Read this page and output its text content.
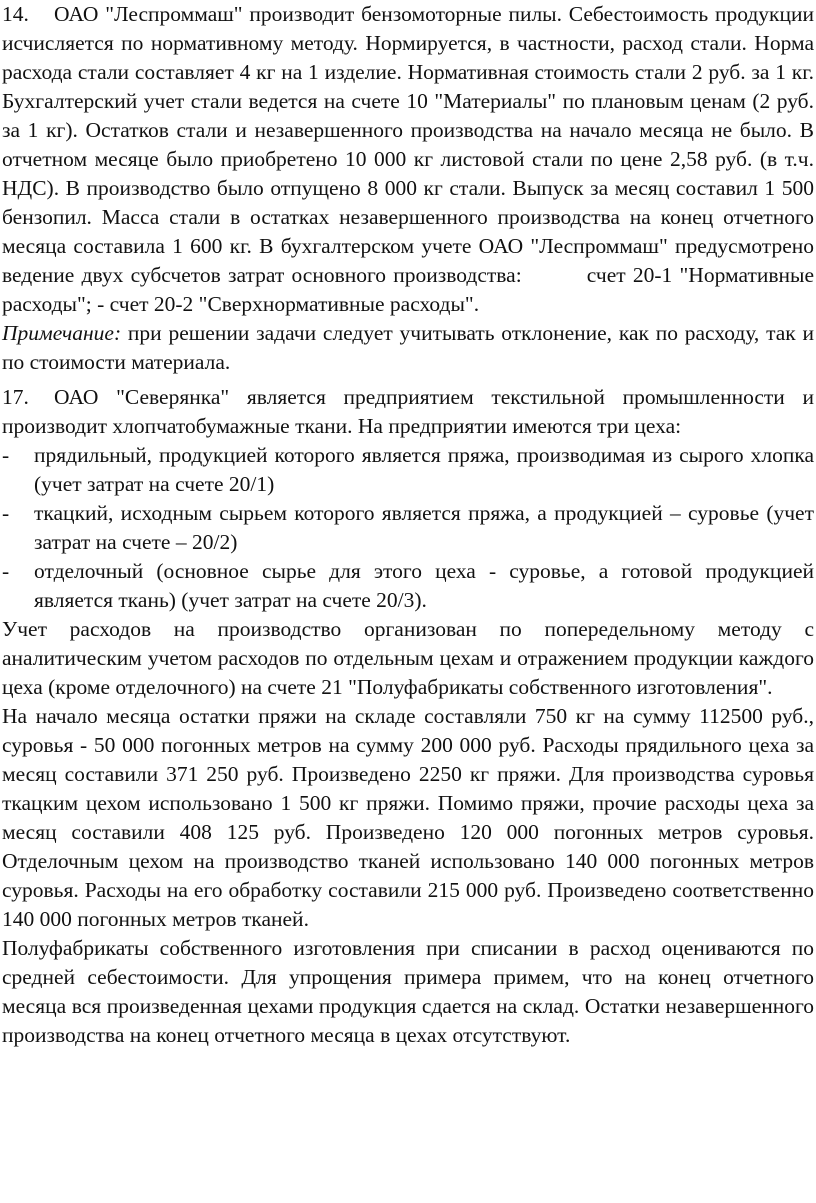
14. ОАО "Леспроммаш" производит бензомоторные пилы. Себестоимость продукции исчисляется по нормативному методу. Нормируется, в частности, расход стали. Норма расхода стали составляет 4 кг на 1 изделие. Нормативная стоимость стали 2 руб. за 1 кг. Бухгалтерский учет стали ведется на счете 10 "Материалы" по плановым ценам (2 руб. за 1 кг). Остатков стали и незавершенного производства на начало месяца не было. В отчетном месяце было приобретено 10 000 кг листовой стали по цене 2,58 руб. (в т.ч. НДС). В производство было отпущено 8 000 кг стали. Выпуск за месяц составил 1 500 бензопил. Масса стали в остатках незавершенного производства на конец отчетного месяца составила 1 600 кг. В бухгалтерском учете ОАО "Леспроммаш" предусмотрено ведение двух субсчетов затрат основного производства:         счет 20-1 "Нормативные расходы"; - счет 20-2 "Сверхнормативные расходы".

Примечание: при решении задачи следует учитывать отклонение, как по расходу, так и по стоимости материала.

17. ОАО "Северянка" является предприятием текстильной промышленности и производит хлопчатобумажные ткани. На предприятии имеются три цеха:

- прядильный, продукцией которого является пряжа, производимая из сырого хлопка (учет затрат на счете 20/1)
- ткацкий, исходным сырьем которого является пряжа, а продукцией – суровье (учет затрат на счете – 20/2)
- отделочный (основное сырье для этого цеха - суровье, а готовой продукцией является ткань) (учет затрат на счете 20/3).

Учет расходов на производство организован по попередельному методу с аналитическим учетом расходов по отдельным цехам и отражением продукции каждого цеха (кроме отделочного) на счете 21 "Полуфабрикаты собственного изготовления".

На начало месяца остатки пряжи на складе составляли 750 кг на сумму 112500 руб., суровья - 50 000 погонных метров на сумму 200 000 руб. Расходы прядильного цеха за месяц составили 371 250 руб. Произведено 2250 кг пряжи. Для производства суровья ткацким цехом использовано 1 500 кг пряжи. Помимо пряжи, прочие расходы цеха за месяц составили 408 125 руб. Произведено 120 000 погонных метров суровья. Отделочным цехом на производство тканей использовано 140 000 погонных метров суровья. Расходы на его обработку составили 215 000 руб. Произведено соответственно 140 000 погонных метров тканей.

Полуфабрикаты собственного изготовления при списании в расход оцениваются по средней себестоимости. Для упрощения примера примем, что на конец отчетного месяца вся произведенная цехами продукция сдается на склад. Остатки незавершенного производства на конец отчетного месяца в цехах отсутствуют.
